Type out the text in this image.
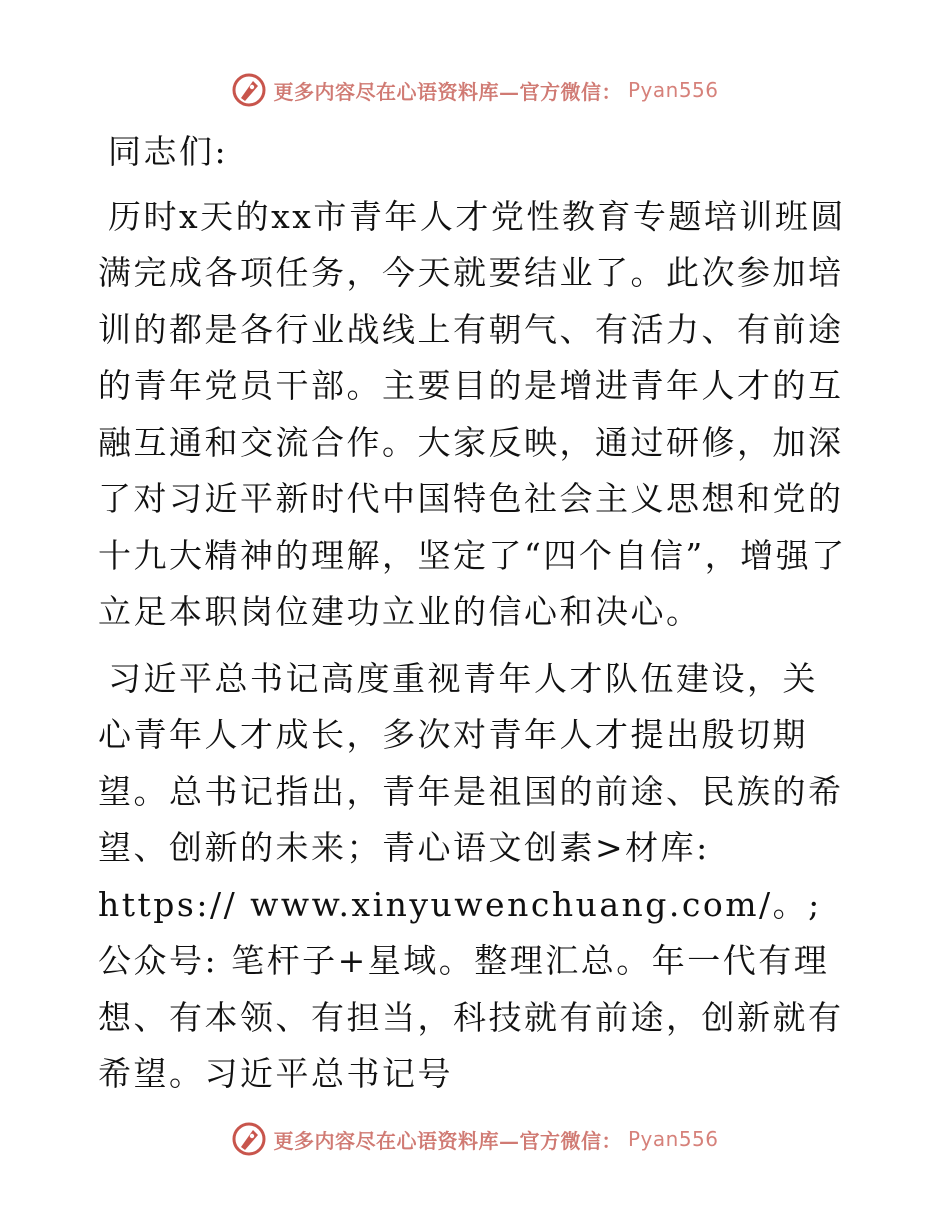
更多内容尽在心语资料库—官方微信： Pyan556

同志们:

历时x天的xx市青年人才党性教育专题培训班圆满完成各项任务，今天就要结业了。此次参加培训的都是各行业战线上有朝气、有活力、有前途的青年党员干部。主要目的是增进青年人才的互融互通和交流合作。大家反映，通过研修，加深了对习近平新时代中国特色社会主义思想和党的十九大精神的理解，坚定了“四个自信”，增强了立足本职岗位建功立业的信心和决心。

习近平总书记高度重视青年人才队伍建设，关心青年人才成长，多次对青年人才提出殷切期望。总书记指出，青年是祖国的前途、民族的希望、创新的未来；青心语文创素>材库: https:// www.xinyuwenchuang.com/。;公众号: 笔杆子+星域。整理汇总。年一代有理想、有本领、有担当，科技就有前途，创新就有希望。习近平总书记号

更多内容尽在心语资料库—官方微信： Pyan556
